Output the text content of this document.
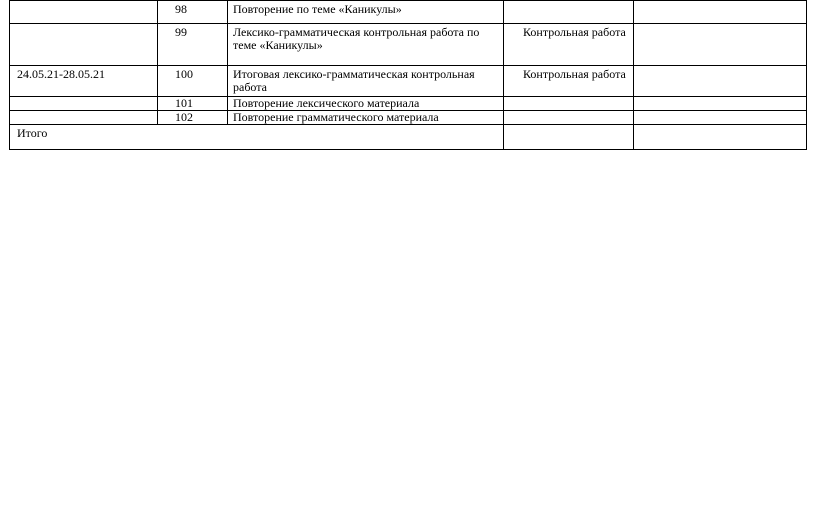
	98	Повторение по теме «Каникулы»		
	99	Лексико-грамматическая контрольная работа по теме «Каникулы»	Контрольная работа	
24.05.21-28.05.21	100	Итоговая лексико-грамматическая контрольная работа	Контрольная работа	
	101	Повторение лексического материала		
	102	Повторение грамматического материала		
Итого				
